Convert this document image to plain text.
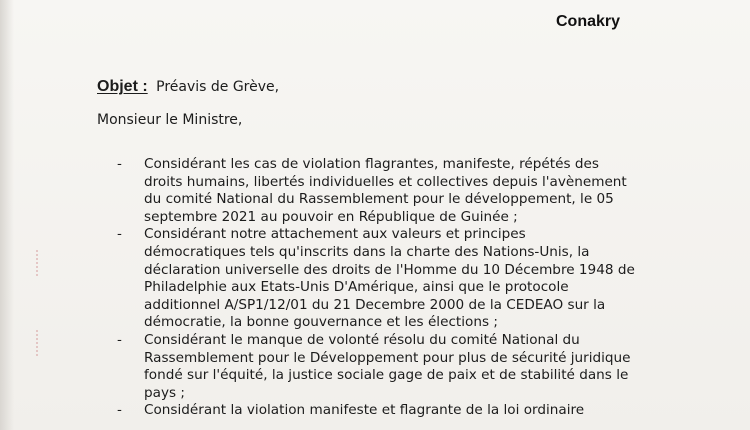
Conakry
Objet : Préavis de Grève,
Monsieur le Ministre,
- Considérant les cas de violation flagrantes, manifeste, répétés des
droits humains, libertés individuelles et collectives depuis l'avènement
du comité National du Rassemblement pour le développement, le 05
septembre 2021 au pouvoir en République de Guinée ;
- Considérant notre attachement aux valeurs et principes
démocratiques tels qu'inscrits dans la charte des Nations-Unis, la
déclaration universelle des droits de l'Homme du 10 Décembre 1948 de
Philadelphie aux Etats-Unis D'Amérique, ainsi que le protocole
additionnel A/SP1/12/01 du 21 Decembre 2000 de la CEDEAO sur la
démocratie, la bonne gouvernance et les élections ;
- Considérant le manque de volonté résolu du comité National du
Rassemblement pour le Développement pour plus de sécurité juridique
fondé sur l'équité, la justice sociale gage de paix et de stabilité dans le
pays ;
- Considérant la violation manifeste et flagrante de la loi ordinaire
